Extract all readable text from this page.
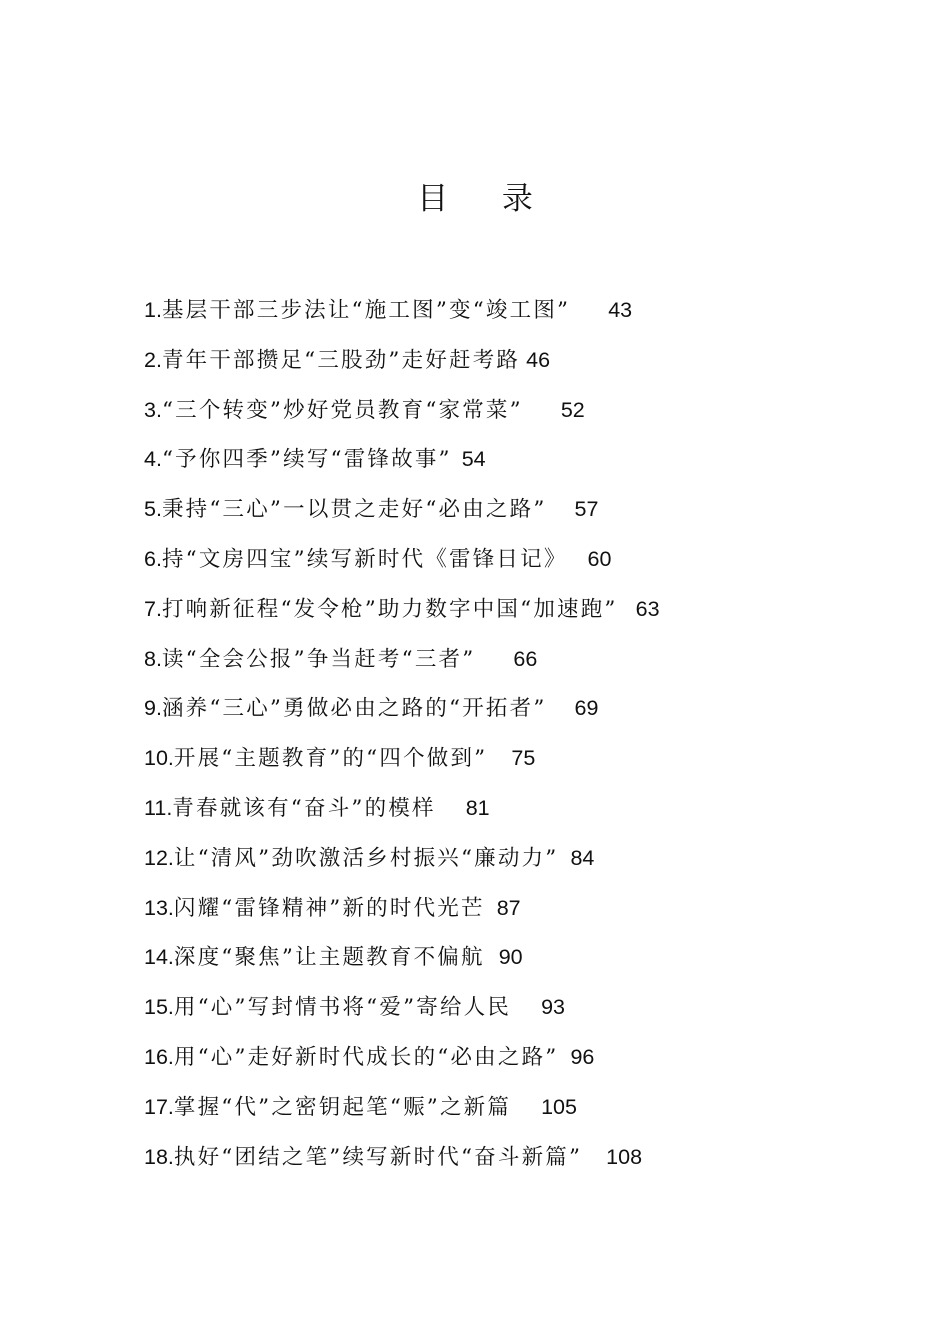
目 录
1.基层干部三步法让“施工图”变“竣工图” 43
2.青年干部攒足“三股劲”走好赶考路 46
3.“三个转变”炒好党员教育“家常菜” 52
4.“予你四季”续写“雷锋故事” 54
5.秉持“三心”一以贯之走好“必由之路” 57
6.持“文房四宝”续写新时代《雷锋日记》 60
7.打响新征程“发令枪”助力数字中国“加速跑” 63
8.读“全会公报”争当赶考“三者” 66
9.涵养“三心”勇做必由之路的“开拓者” 69
10.开展“主题教育”的“四个做到” 75
11.青春就该有“奋斗”的模样 81
12.让“清风”劲吹激活乡村振兴“廉动力” 84
13.闪耀“雷锋精神”新的时代光芒 87
14.深度“聚焦”让主题教育不偏航 90
15.用“心”写封情书将“爱”寄给人民 93
16.用“心”走好新时代成长的“必由之路” 96
17.掌握“代”之密钥起笔“赈”之新篇 105
18.执好“团结之笔”续写新时代“奋斗新篇” 108
